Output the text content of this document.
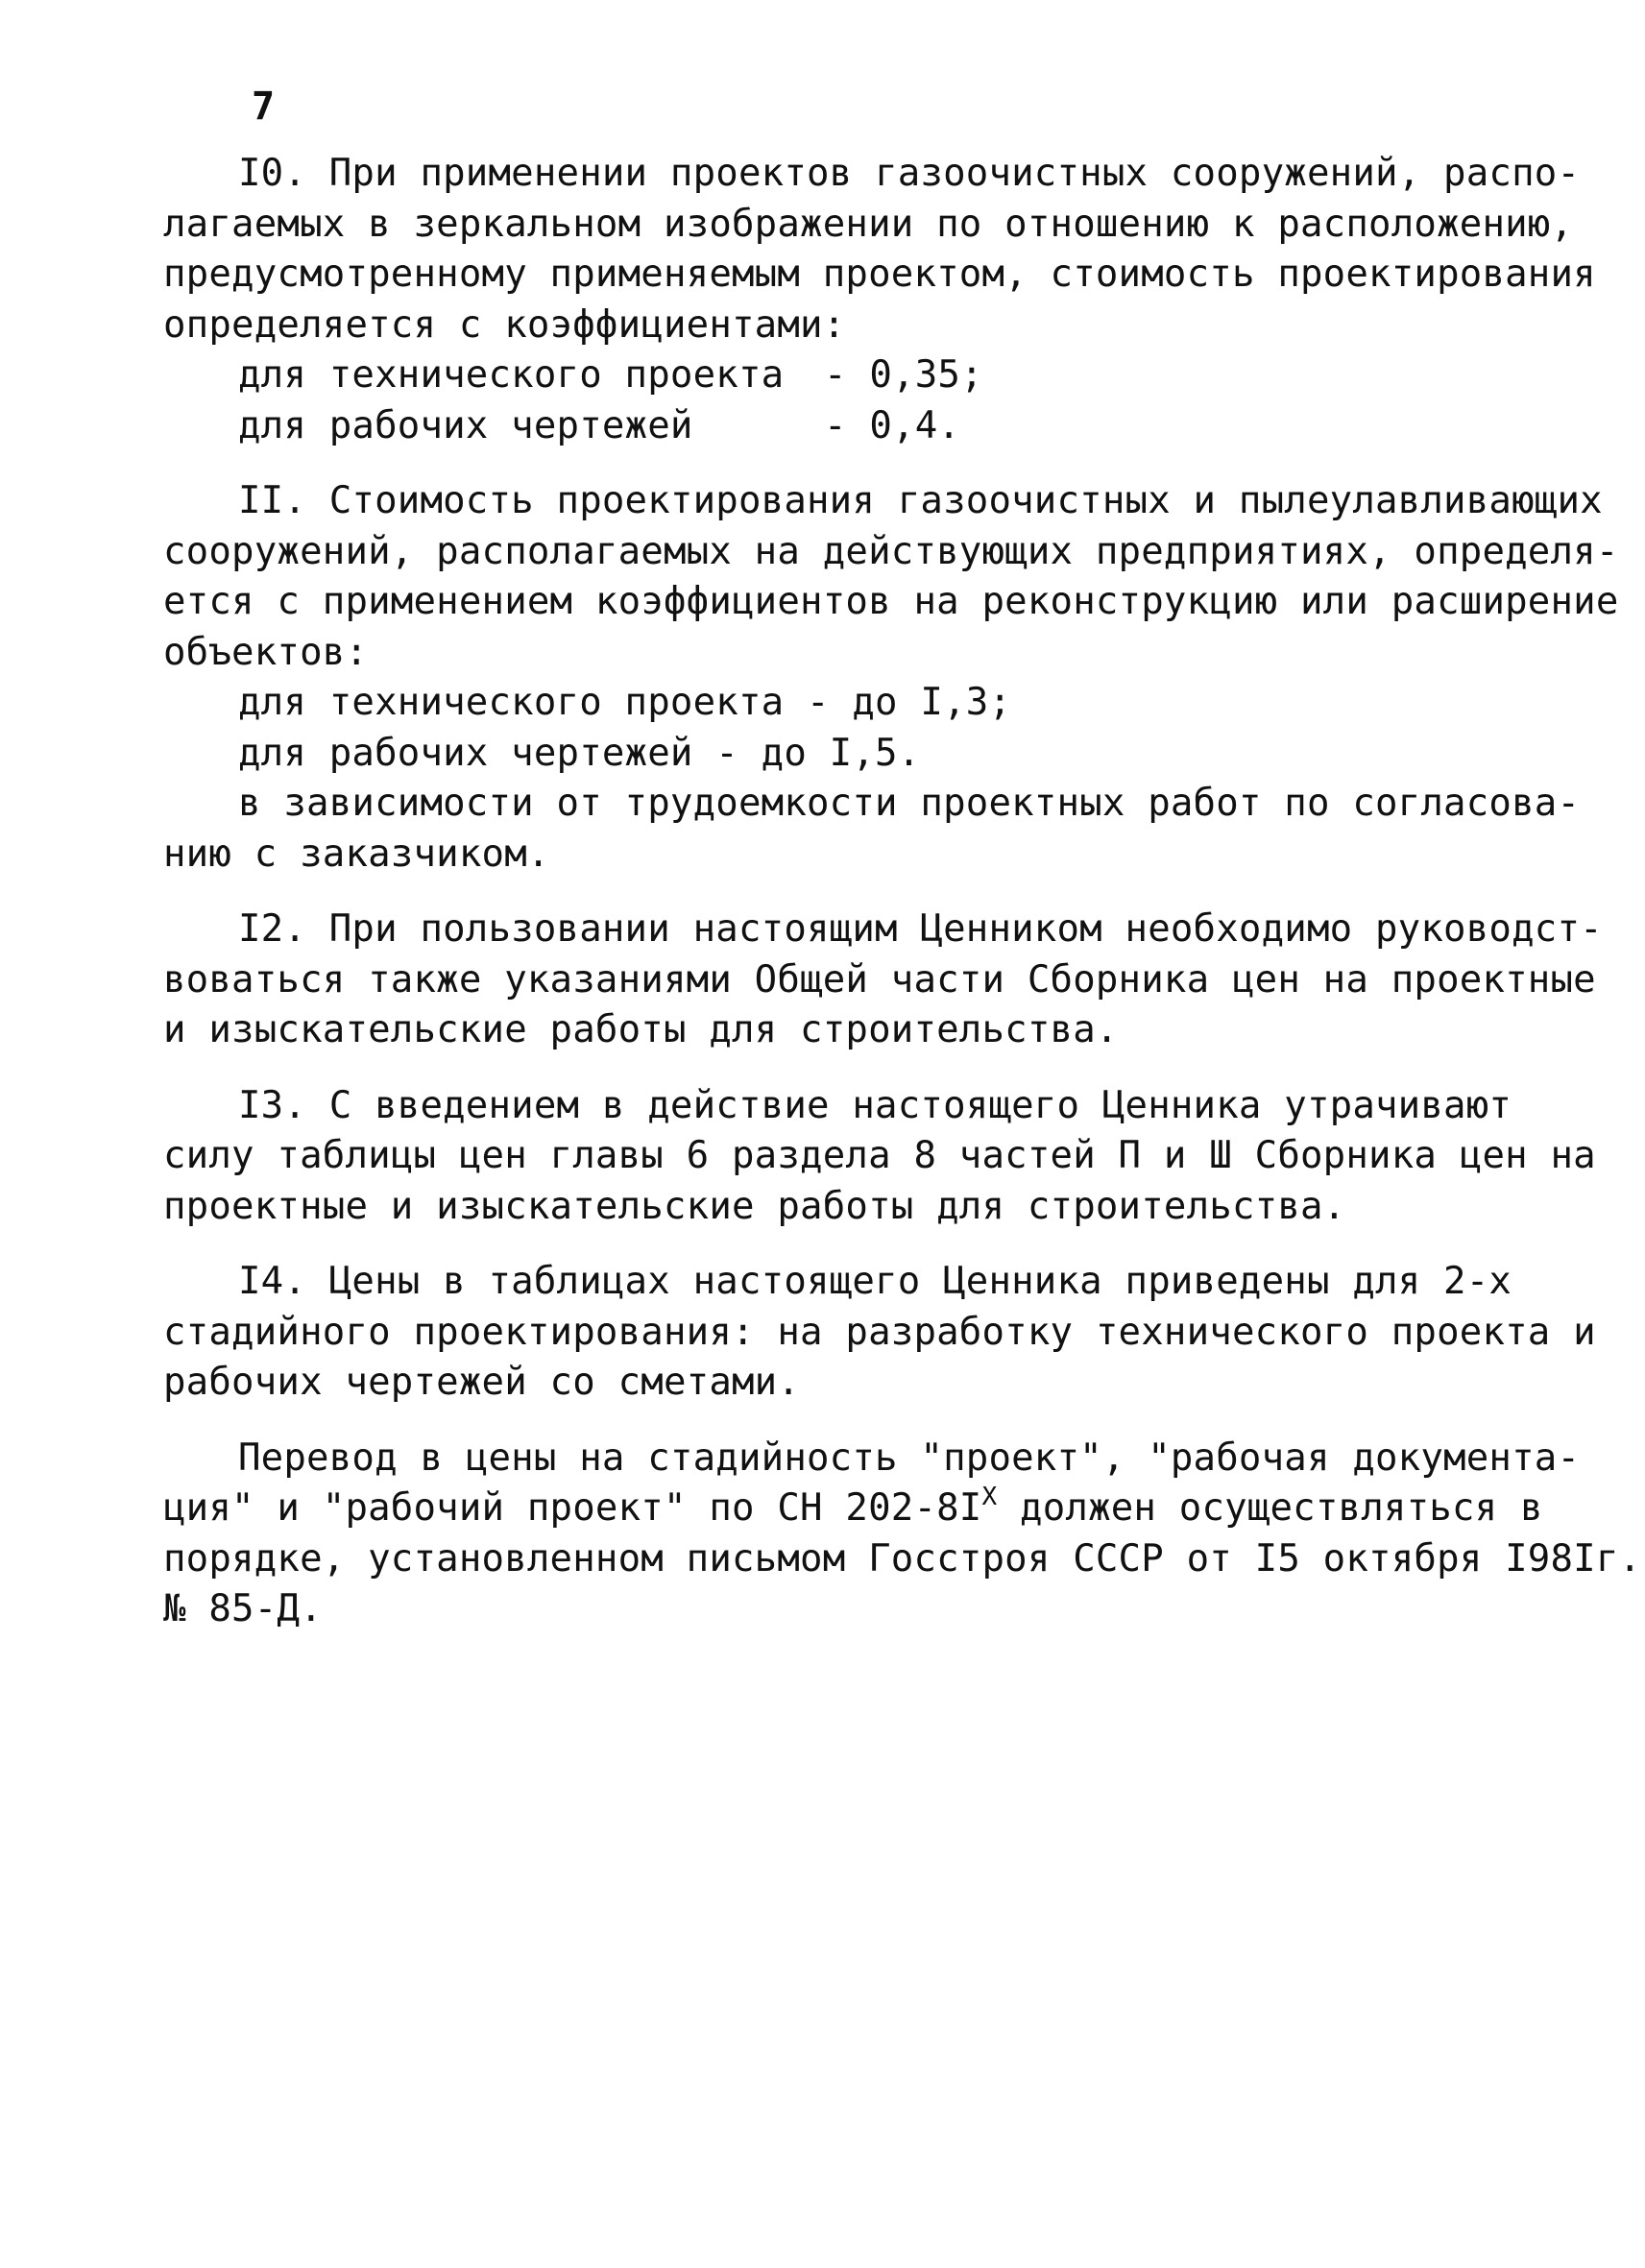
7
I0. При применении проектов газоочистных сооружений, распо-
лагаемых в зеркальном изображении по отношению к расположению,
предусмотренному применяемым проектом, стоимость проектирования
определяется с коэффициентами:
для технического проекта	- 0,35;
для рабочих чертежей	- 0,4.
II. Стоимость проектирования газоочистных и пылеулавливающих
сооружений, располагаемых на действующих предприятиях, определя-
ется с применением коэффициентов на реконструкцию или расширение
объектов:
для технического проекта - до I,3;
для рабочих чертежей - до I,5.
в зависимости от трудоемкости проектных работ по согласова-
нию с заказчиком.
I2. При пользовании настоящим Ценником необходимо руководст-
воваться также указаниями Общей части Сборника цен на проектные
и изыскательские работы для строительства.
I3. С введением в действие настоящего Ценника утрачивают
силу таблицы цен главы 6 раздела 8 частей П и Ш Сборника цен на
проектные и изыскательские работы для строительства.
I4. Цены в таблицах настоящего Ценника приведены для 2-х
стадийного проектирования: на разработку технического проекта и
рабочих чертежей со сметами.
Перевод в цены на стадийность "проект", "рабочая документа-
ция" и "рабочий проект" по СН $202-8I^Х$ должен осуществляться в
порядке, установленном письмом Госстроя СССР от I5 октября I98Iг.
№ 85-Д.
